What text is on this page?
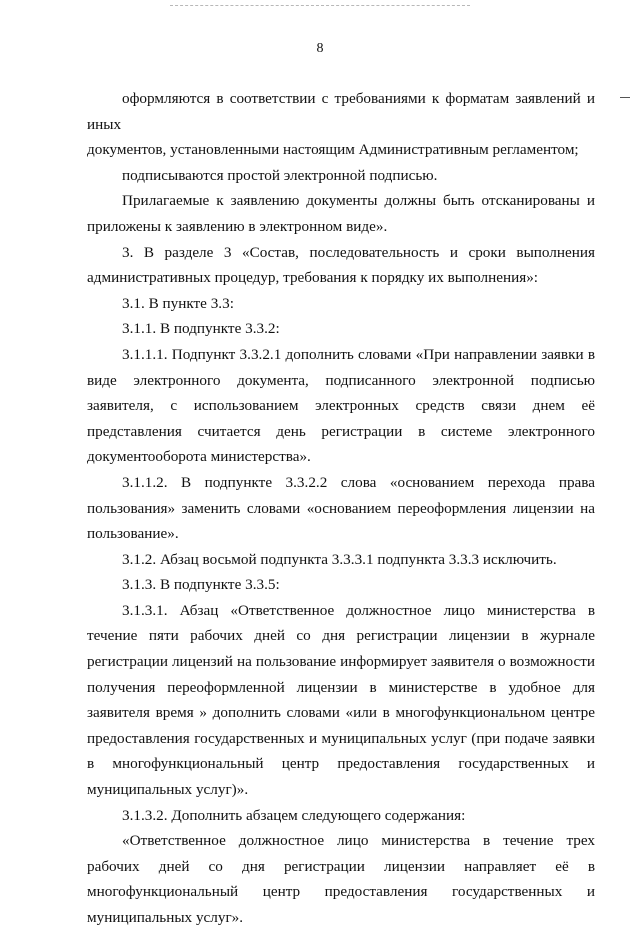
8

оформляются в соответствии с требованиями к форматам заявлений и иных

документов, установленными настоящим Административным регламентом;

подписываются простой электронной подписью.

Прилагаемые к заявлению документы должны быть отсканированы и приложены к заявлению в электронном виде».

3. В разделе 3 «Состав, последовательность и сроки выполнения административных процедур, требования к порядку их выполнения»:

3.1. В пункте 3.3:

3.1.1. В подпункте 3.3.2:

3.1.1.1. Подпункт 3.3.2.1 дополнить словами «При направлении заявки в виде электронного документа, подписанного электронной подписью заявителя, с использованием электронных средств связи днем её представления считается день регистрации в системе электронного документооборота министерства».

3.1.1.2. В подпункте 3.3.2.2 слова «основанием перехода права пользования» заменить словами «основанием переоформления лицензии на пользование».

3.1.2. Абзац восьмой подпункта 3.3.3.1 подпункта 3.3.3 исключить.

3.1.3. В подпункте 3.3.5:

3.1.3.1. Абзац «Ответственное должностное лицо министерства в течение пяти рабочих дней со дня регистрации лицензии в журнале регистрации лицензий на пользование информирует заявителя о возможности получения переоформленной лицензии в министерстве в удобное для заявителя время » дополнить словами «или в многофункциональном центре предоставления государственных и муниципальных услуг (при подаче заявки в многофункциональный центр предоставления государственных и муниципальных услуг)».

3.1.3.2. Дополнить абзацем следующего содержания:

«Ответственное должностное лицо министерства в течение трех рабочих дней со дня регистрации лицензии направляет её в многофункциональный центр предоставления государственных и муниципальных услуг».
